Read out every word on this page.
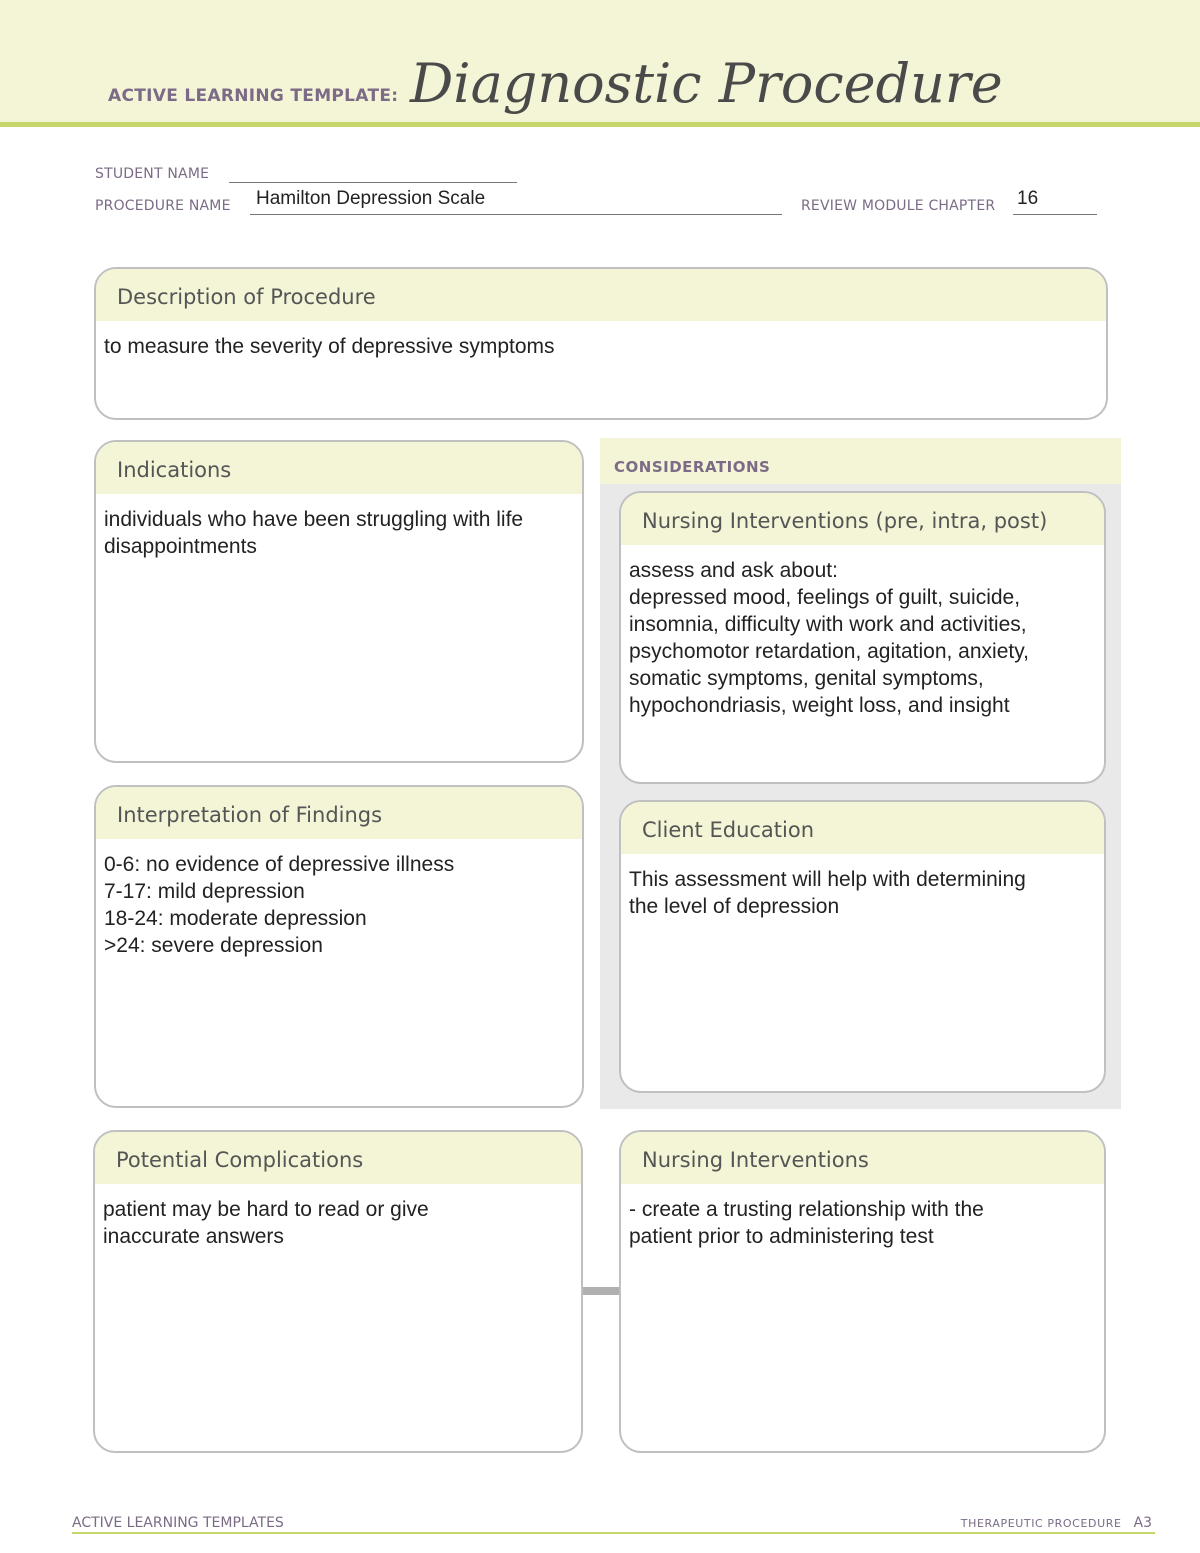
ACTIVE LEARNING TEMPLATE: Diagnostic Procedure
STUDENT NAME
PROCEDURE NAME Hamilton Depression Scale	REVIEW MODULE CHAPTER 16
Description of Procedure
to measure the severity of depressive symptoms
CONSIDERATIONS
Indications
individuals who have been struggling with life
disappointments
Nursing Interventions (pre, intra, post)
assess and ask about:
depressed mood, feelings of guilt, suicide,
insomnia, difficulty with work and activities,
psychomotor retardation, agitation, anxiety,
somatic symptoms, genital symptoms,
hypochondriasis, weight loss, and insight
Interpretation of Findings
0-6: no evidence of depressive illness
7-17: mild depression
18-24: moderate depression
>24: severe depression
Client Education
This assessment will help with determining
the level of depression
Potential Complications
patient may be hard to read or give
inaccurate answers
Nursing Interventions
- create a trusting relationship with the
patient prior to administering test
ACTIVE LEARNING TEMPLATES	THERAPEUTIC PROCEDURE A3
